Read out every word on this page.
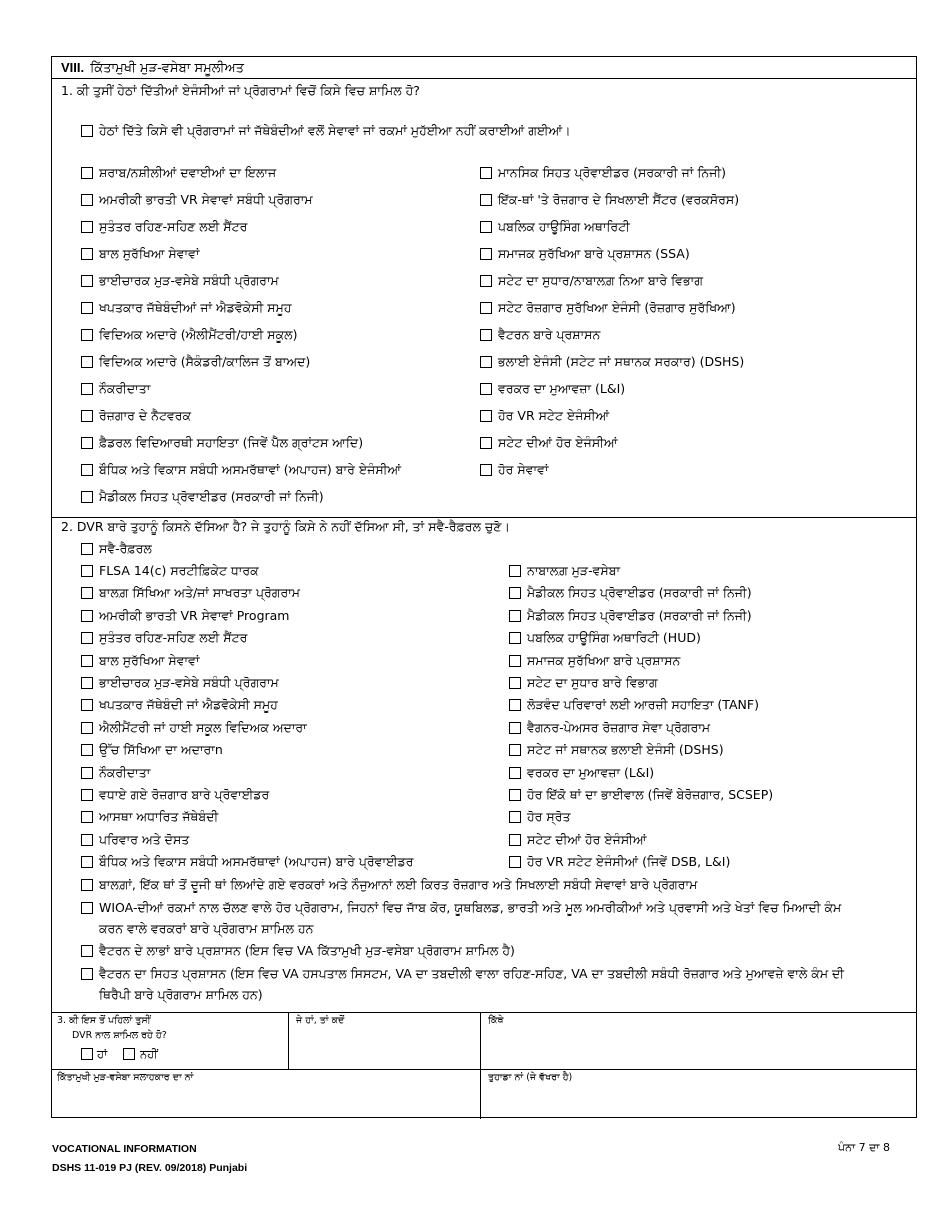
VIII. ਕਿੱਤਾਮੁਖੀ ਮੁੜ-ਵਸੇਬਾ ਸਮੂਲੀਅਤ
1. ਕੀ ਤੁਸੀਂ ਹੇਠਾਂ ਦਿੱਤੀਆਂ ਏਜੰਸੀਆਂ ਜਾਂ ਪ੍ਰੋਗਰਾਮਾਂ ਵਿਚੋਂ ਕਿਸੇ ਵਿਚ ਸ਼ਾਮਿਲ ਹੋ?
ਹੇਠਾਂ ਦਿੱਤੇ ਕਿਸੇ ਵੀ ਪ੍ਰੋਗਰਾਮਾਂ ਜਾਂ ਜੱਥੇਬੰਦੀਆਂ ਵਲੋਂ ਸੇਵਾਵਾਂ ਜਾਂ ਰਕਮਾਂ ਮੁਹੱਈਆ ਨਹੀਂ ਕਰਾਈਆਂ ਗਈਆਂ।
ਸ਼ਰਾਬ/ਨਸ਼ੀਲੀਆਂ ਦਵਾਈਆਂ ਦਾ ਇਲਾਜ
ਅਮਰੀਕੀ ਭਾਰਤੀ VR ਸੇਵਾਵਾਂ ਸਬੰਧੀ ਪ੍ਰੋਗਰਾਮ
ਸੁਤੰਤਰ ਰਹਿਣ-ਸਹਿਣ ਲਈ ਸੈਂਟਰ
ਬਾਲ ਸੁਰੱਖਿਆ ਸੇਵਾਵਾਂ
ਭਾਈਚਾਰਕ ਮੁੜ-ਵਸੇਬੇ ਸਬੰਧੀ ਪ੍ਰੋਗਰਾਮ
ਖਪਤਕਾਰ ਜੱਥੇਬੰਦੀਆਂ ਜਾਂ ਐਡਵੋਕੇਸੀ ਸਮੂਹ
ਵਿਦਿਅਕ ਅਦਾਰੇ (ਐਲੀਮੈਂਟਰੀ/ਹਾਈ ਸਕੂਲ)
ਵਿਦਿਅਕ ਅਦਾਰੇ (ਸੈਕੰਡਰੀ/ਕਾਲਿਜ ਤੋਂ ਬਾਅਦ)
ਨੌਕਰੀਦਾਤਾ
ਰੋਜ਼ਗਾਰ ਦੇ ਨੈਟਵਰਕ
ਫ਼ੈਡਰਲ ਵਿਦਿਆਰਥੀ ਸਹਾਇਤਾ (ਜਿਵੇਂ ਪੈੱਲ ਗ੍ਰਾਂਟਸ ਆਦਿ)
ਬੌਧਿਕ ਅਤੇ ਵਿਕਾਸ ਸਬੰਧੀ ਅਸਮਰੱਥਾਵਾਂ (ਅਪਾਹਜ) ਬਾਰੇ ਏਜੰਸੀਆਂ
ਮੈਡੀਕਲ ਸਿਹਤ ਪ੍ਰੋਵਾਈਡਰ (ਸਰਕਾਰੀ ਜਾਂ ਨਿਜੀ)
ਮਾਨਸਿਕ ਸਿਹਤ ਪ੍ਰੋਵਾਈਡਰ (ਸਰਕਾਰੀ ਜਾਂ ਨਿਜੀ)
ਇੱਕ-ਥਾਂ 'ਤੇ ਰੋਜ਼ਗਾਰ ਦੇ ਸਿਖਲਾਈ ਸੈਂਟਰ (ਵਰਕਸੋਰਸ)
ਪਬਲਿਕ ਹਾਊਸਿੰਗ ਅਥਾਰਿਟੀ
ਸਮਾਜਕ ਸੁਰੱਖਿਆ ਬਾਰੇ ਪ੍ਰਸ਼ਾਸਨ (SSA)
ਸਟੇਟ ਦਾ ਸੁਧਾਰ/ਨਾਬਾਲਗ਼ ਨਿਆ ਬਾਰੇ ਵਿਭਾਗ
ਸਟੇਟ ਰੋਜ਼ਗਾਰ ਸੁਰੱਖਿਆ ਏਜੰਸੀ (ਰੋਜ਼ਗਾਰ ਸੁਰੱਖਿਆ)
ਵੈਟਰਨ ਬਾਰੇ ਪ੍ਰਸ਼ਾਸਨ
ਭਲਾਈ ਏਜੰਸੀ (ਸਟੇਟ ਜਾਂ ਸਥਾਨਕ ਸਰਕਾਰ) (DSHS)
ਵਰਕਰ ਦਾ ਮੁਆਵਜ਼ਾ (L&I)
ਹੋਰ VR ਸਟੇਟ ਏਜੰਸੀਆਂ
ਸਟੇਟ ਦੀਆਂ ਹੋਰ ਏਜੰਸੀਆਂ
ਹੋਰ ਸੇਵਾਵਾਂ
2. DVR ਬਾਰੇ ਤੁਹਾਨੂੰ ਕਿਸਨੇ ਦੱਸਿਆ ਹੈ? ਜੇ ਤੁਹਾਨੂੰ ਕਿਸੇ ਨੇ ਨਹੀਂ ਦੱਸਿਆ ਸੀ, ਤਾਂ ਸਵੈ-ਰੈਫ਼ਰਲ ਚੁਣੋ।
ਸਵੈ-ਰੈਫ਼ਰਲ
FLSA 14(c) ਸਰਟੀਫ਼ਿਕੇਟ ਧਾਰਕ
ਬਾਲਗ਼ ਸਿੱਖਿਆ ਅਤੇ/ਜਾਂ ਸਾਖਰਤਾ ਪ੍ਰੋਗਰਾਮ
ਅਮਰੀਕੀ ਭਾਰਤੀ VR ਸੇਵਾਵਾਂ Program
ਸੁਤੰਤਰ ਰਹਿਣ-ਸਹਿਣ ਲਈ ਸੈਂਟਰ
ਬਾਲ ਸੁਰੱਖਿਆ ਸੇਵਾਵਾਂ
ਭਾਈਚਾਰਕ ਮੁੜ-ਵਸੇਬੇ ਸਬੰਧੀ ਪ੍ਰੋਗਰਾਮ
ਖਪਤਕਾਰ ਜੱਥੇਬੰਦੀ ਜਾਂ ਐਡਵੋਕੇਸੀ ਸਮੂਹ
ਐਲੀਮੈਂਟਰੀ ਜਾਂ ਹਾਈ ਸਕੂਲ ਵਿਦਿਅਕ ਅਦਾਰਾ
ਉੱਚ ਸਿੱਖਿਆ ਦਾ ਅਦਾਰਾn
ਨੌਕਰੀਦਾਤਾ
ਵਧਾਏ ਗਏ ਰੋਜ਼ਗਾਰ ਬਾਰੇ ਪ੍ਰੋਵਾਈਡਰ
ਆਸਥਾ ਅਧਾਰਿਤ ਜੱਥੇਬੰਦੀ
ਪਰਿਵਾਰ ਅਤੇ ਦੋਸਤ
ਬੌਧਿਕ ਅਤੇ ਵਿਕਾਸ ਸਬੰਧੀ ਅਸਮਰੱਥਾਵਾਂ (ਅਪਾਹਜ) ਬਾਰੇ ਪ੍ਰੋਵਾਈਡਰ
ਨਾਬਾਲਗ਼ ਮੁੜ-ਵਸੇਬਾ
ਮੈਡੀਕਲ ਸਿਹਤ ਪ੍ਰੋਵਾਈਡਰ (ਸਰਕਾਰੀ ਜਾਂ ਨਿਜੀ)
ਮੈਡੀਕਲ ਸਿਹਤ ਪ੍ਰੋਵਾਈਡਰ (ਸਰਕਾਰੀ ਜਾਂ ਨਿਜੀ)
ਪਬਲਿਕ ਹਾਊਸਿੰਗ ਅਥਾਰਿਟੀ (HUD)
ਸਮਾਜਕ ਸੁਰੱਖਿਆ ਬਾਰੇ ਪ੍ਰਸ਼ਾਸਨ
ਸਟੇਟ ਦਾ ਸੁਧਾਰ ਬਾਰੇ ਵਿਭਾਗ
ਲੋੜਵੰਦ ਪਰਿਵਾਰਾਂ ਲਈ ਆਰਜ਼ੀ ਸਹਾਇਤਾ (TANF)
ਵੈਗਨਰ-ਪੇਅਸਰ ਰੋਜ਼ਗਾਰ ਸੇਵਾ ਪ੍ਰੋਗਰਾਮ
ਸਟੇਟ ਜਾਂ ਸਥਾਨਕ ਭਲਾਈ ਏਜੰਸੀ (DSHS)
ਵਰਕਰ ਦਾ ਮੁਆਵਜ਼ਾ (L&I)
ਹੋਰ ਇੱਕੋ ਥਾਂ ਦਾ ਭਾਈਵਾਲ (ਜਿਵੇਂ ਬੇਰੋਜ਼ਗਾਰ, SCSEP)
ਹੋਰ ਸ੍ਰੋਤ
ਸਟੇਟ ਦੀਆਂ ਹੋਰ ਏਜੰਸੀਆਂ
ਹੋਰ VR ਸਟੇਟ ਏਜੰਸੀਆਂ (ਜਿਵੇਂ DSB, L&I)
ਬਾਲਗ਼ਾਂ, ਇੱਕ ਥਾਂ ਤੋਂ ਦੂਜੀ ਥਾਂ ਲਿਆਂਦੇ ਗਏ ਵਰਕਰਾਂ ਅਤੇ ਨੌਜੁਆਨਾਂ ਲਈ ਕਿਰਤ ਰੋਜ਼ਗਾਰ ਅਤੇ ਸਿਖਲਾਈ ਸਬੰਧੀ ਸੇਵਾਵਾਂ ਬਾਰੇ ਪ੍ਰੋਗਰਾਮ
WIOA-ਦੀਆਂ ਰਕਮਾਂ ਨਾਲ ਚੱਲਣ ਵਾਲੇ ਹੋਰ ਪ੍ਰੋਗਰਾਮ, ਜਿਹਨਾਂ ਵਿਚ ਜਾੱਬ ਕੋਰ, ਯੂਥਬਿਲਡ, ਭਾਰਤੀ ਅਤੇ ਮੂਲ ਅਮਰੀਕੀਆਂ ਅਤੇ ਪ੍ਰਵਾਸੀ ਅਤੇ ਖੇਤਾਂ ਵਿਚ ਮਿਆਦੀ ਕੰਮ
ਕਰਨ ਵਾਲੇ ਵਰਕਰਾਂ ਬਾਰੇ ਪ੍ਰੋਗਰਾਮ ਸ਼ਾਮਿਲ ਹਨ
ਵੈਟਰਨ ਦੇ ਲਾਭਾਂ ਬਾਰੇ ਪ੍ਰਸ਼ਾਸਨ (ਇਸ ਵਿਚ VA ਕਿੱਤਾਮੁਖੀ ਮੁੜ-ਵਸੇਬਾ ਪ੍ਰੋਗਰਾਮ ਸ਼ਾਮਿਲ ਹੈ)
ਵੈਟਰਨ ਦਾ ਸਿਹਤ ਪ੍ਰਸ਼ਾਸਨ (ਇਸ ਵਿਚ VA ਹਸਪਤਾਲ ਸਿਸਟਮ, VA ਦਾ ਤਬਦੀਲੀ ਵਾਲਾ ਰਹਿਣ-ਸਹਿਣ, VA ਦਾ ਤਬਦੀਲੀ ਸਬੰਧੀ ਰੋਜ਼ਗਾਰ ਅਤੇ ਮੁਆਵਜ਼ੇ ਵਾਲੇ ਕੰਮ ਦੀ
ਥਿਰੈਪੀ ਬਾਰੇ ਪ੍ਰੋਗਰਾਮ ਸ਼ਾਮਿਲ ਹਨ)
3. ਕੀ ਇਸ ਤੋਂ ਪਹਿਲਾਂ ਤੁਸੀਂ
DVR ਨਾਲ ਸ਼ਾਮਿਲ ਰਹੇ ਹੋ?
ਹਾਂ	ਨਹੀਂ
ਜੇ ਹਾਂ, ਤਾਂ ਕਦੋਂ	ਕਿੱਥੇ
ਕਿੱਤਾਮੁਖੀ ਮੁੜ-ਵਸੇਬਾ ਸਲਾਹਕਾਰ ਦਾ ਨਾਂ	ਤੁਹਾਡਾ ਨਾਂ (ਜੇ ਵੱਖਰਾ ਹੈ)
VOCATIONAL INFORMATION
DSHS 11-019 PJ (REV. 09/2018) Punjabi
ਪੰਨਾ 7 ਦਾ 8
